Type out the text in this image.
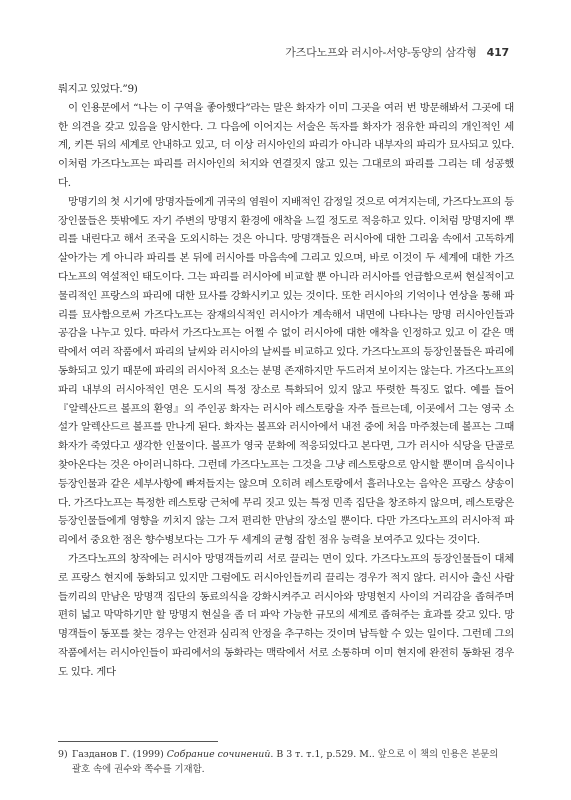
가즈다노프와 러시아-서양-동양의 삼각형 417

뤄지고 있었다.”9)

이 인용문에서 “나는 이 구역을 좋아했다”라는 말은 화자가 이미 그곳을 여러 번 방문해봐서 그곳에 대한 의견을 갖고 있음을 암시한다. 그 다음에 이어지는 서술은 독자를 화자가 점유한 파리의 개인적인 세계, 키튼 뒤의 세계로 안내하고 있고, 더 이상 러시아인의 파리가 아니라 내부자의 파리가 묘사되고 있다. 이처럼 가즈다노프는 파리를 러시아인의 처지와 연결짓지 않고 있는 그대로의 파리를 그리는 데 성공했다.

망명기의 첫 시기에 망명자들에게 귀국의 염원이 지배적인 감정일 것으로 여겨지는데, 가즈다노프의 등장인물들은 뜻밖에도 자기 주변의 망명지 환경에 애착을 느낄 정도로 적응하고 있다. 이처럼 망명지에 뿌리를 내린다고 해서 조국을 도외시하는 것은 아니다. 망명객들은 러시아에 대한 그리움 속에서 고독하게 살아가는 게 아니라 파리를 본 뒤에 러시아를 마음속에 그리고 있으며, 바로 이것이 두 세계에 대한 가즈다노프의 역설적인 태도이다. 그는 파리를 러시아에 비교할 뿐 아니라 러시아를 언급함으로써 현실적이고 물리적인 프랑스의 파리에 대한 묘사를 강화시키고 있는 것이다. 또한 러시아의 기억이나 연상을 통해 파리를 묘사함으로써 가즈다노프는 잠재의식적인 러시아가 계속해서 내면에 나타나는 망명 러시아인들과 공감을 나누고 있다. 따라서 가즈다노프는 어쩔 수 없이 러시아에 대한 애착을 인정하고 있고 이 같은 맥락에서 여러 작품에서 파리의 날씨와 러시아의 날씨를 비교하고 있다. 가즈다노프의 등장인물들은 파리에 동화되고 있기 때문에 파리의 러시아적 요소는 분명 존재하지만 두드러져 보이지는 않는다. 가즈다노프의 파리 내부의 러시아적인 면은 도시의 특정 장소로 특화되어 있지 않고 뚜렷한 특징도 없다. 예를 들어 『알렉산드르 볼프의 환영』의 주인공 화자는 러시아 레스토랑을 자주 들르는데, 이곳에서 그는 영국 소설가 알렉산드르 볼프를 만나게 된다. 화자는 볼프와 러시아에서 내전 중에 처음 마주쳤는데 볼프는 그때 화자가 죽였다고 생각한 인물이다. 볼프가 영국 문화에 적응되었다고 본다면, 그가 러시아 식당을 단골로 찾아온다는 것은 아이러니하다. 그런데 가즈다노프는 그것을 그냥 레스토랑으로 암시할 뿐이며 음식이나 등장인물과 같은 세부사항에 빠져들지는 않으며 오히려 레스토랑에서 흘러나오는 음악은 프랑스 샹송이다. 가즈다노프는 특정한 레스토랑 근처에 무리 짓고 있는 특정 민족 집단을 창조하지 않으며, 레스토랑은 등장인물들에게 영향을 끼치지 않는 그저 편리한 만남의 장소일 뿐이다. 다만 가즈다노프의 러시아적 파리에서 중요한 점은 향수병보다는 그가 두 세계의 균형 잡힌 점유 능력을 보여주고 있다는 것이다.

가즈다노프의 창작에는 러시아 망명객들끼리 서로 끌리는 면이 있다. 가즈다노프의 등장인물들이 대체로 프랑스 현지에 동화되고 있지만 그럼에도 러시아인들끼리 끌리는 경우가 적지 않다. 러시아 출신 사람들끼리의 만남은 망명객 집단의 동료의식을 강화시켜주고 러시아와 망명현지 사이의 거리감을 좁혀주며 편히 넓고 막막하기만 할 망명지 현실을 좀 더 파악 가능한 규모의 세계로 좁혀주는 효과를 갖고 있다. 망명객들이 동포를 찾는 경우는 안전과 심리적 안정을 추구하는 것이며 납득할 수 있는 일이다. 그런데 그의 작품에서는 러시아인들이 파리에서의 동화라는 맥락에서 서로 소통하며 이미 현지에 완전히 동화된 경우도 있다. 게다

9) Газданов Г. (1999) Собрание сочинений. В 3 т. т.1, p.529. M.. 앞으로 이 책의 인용은 본문의
괄호 속에 권수와 쪽수를 기재함.
